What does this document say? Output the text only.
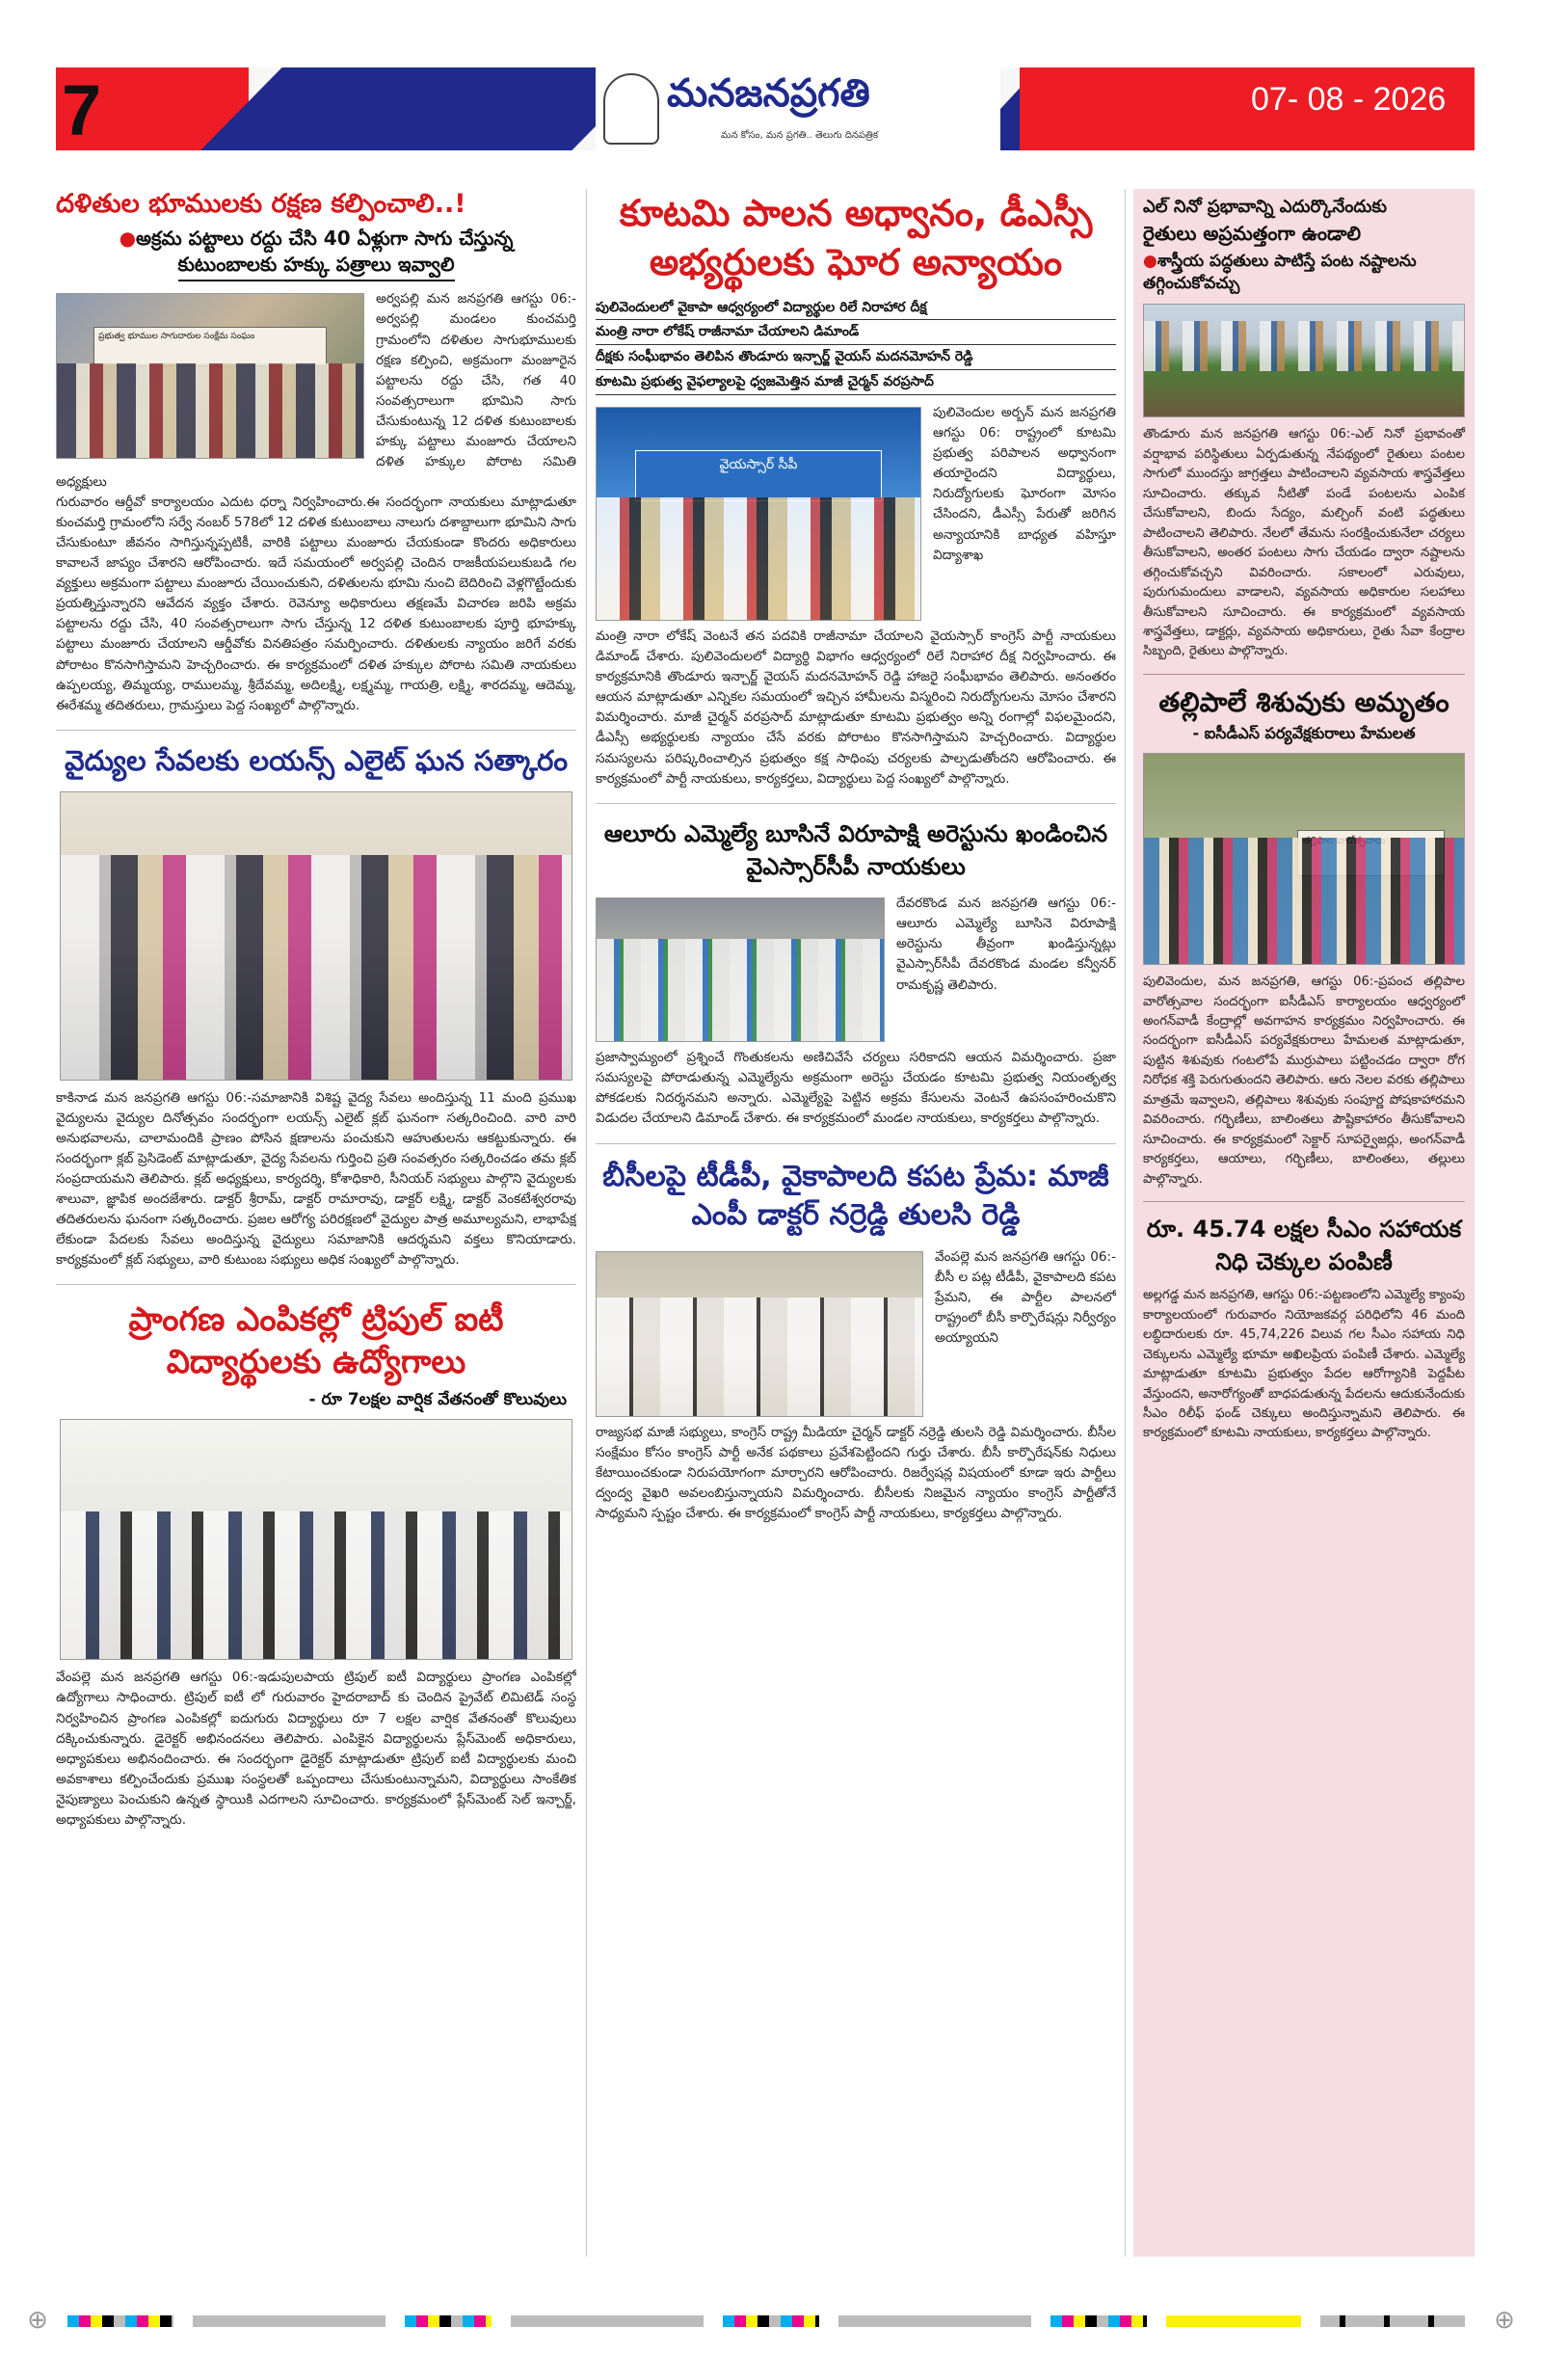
7	మనజనప్రగతి
మన కోసం, మన ప్రగతి.. తెలుగు దినపత్రిక
07- 08 - 2026
దళితుల భూములకు రక్షణ కల్పించాలి..!
●అక్రమ పట్టాలు రద్దు చేసి 40 ఏళ్లుగా సాగు చేస్తున్న
కుటుంబాలకు హక్కు పత్రాలు ఇవ్వాలి
ప్రభుత్వ భూముల సాగుదారుల సంక్షేమ సంఘం

అర్వపల్లి మన జనప్రగతి ఆగస్టు 06:-అర్వపల్లి మండలం కుంచమర్తి గ్రామంలోని దళితుల సాగుభూములకు రక్షణ కల్పించి, అక్రమంగా మంజూరైన పట్టాలను రద్దు చేసి, గత 40 సంవత్సరాలుగా భూమిని సాగు చేసుకుంటున్న 12 దళిత కుటుంబాలకు హక్కు పట్టాలు మంజూరు చేయాలని దళిత హక్కుల పోరాట సమితి అధ్యక్షులు

గురువారం ఆర్డీవో కార్యాలయం ఎదుట ధర్నా నిర్వహించారు.ఈ సందర్భంగా నాయకులు మాట్లాడుతూ కుంచమర్తి గ్రామంలోని సర్వే నంబర్ 578లో 12 దళిత కుటుంబాలు నాలుగు దశాబ్దాలుగా భూమిని సాగు చేసుకుంటూ జీవనం సాగిస్తున్నప్పటికీ, వారికి పట్టాలు మంజూరు చేయకుండా కొందరు అధికారులు కావాలనే జాప్యం చేశారని ఆరోపించారు. ఇదే సమయంలో అర్వపల్లి చెందిన రాజకీయపలుకుబడి గల వ్యక్తులు అక్రమంగా పట్టాలు మంజూరు చేయించుకుని, దళితులను భూమి నుంచి బెదిరించి వెళ్లగొట్టేందుకు ప్రయత్నిస్తున్నారని ఆవేదన వ్యక్తం చేశారు. రెవెన్యూ అధికారులు తక్షణమే విచారణ జరిపి అక్రమ పట్టాలను రద్దు చేసి, 40 సంవత్సరాలుగా సాగు చేస్తున్న 12 దళిత కుటుంబాలకు పూర్తి భూహక్కు పట్టాలు మంజూరు చేయాలని ఆర్డీవోకు వినతిపత్రం సమర్పించారు. దళితులకు న్యాయం జరిగే వరకు పోరాటం కొనసాగిస్తామని హెచ్చరించారు. ఈ కార్యక్రమంలో దళిత హక్కుల పోరాట సమితి నాయకులు ఉప్పలయ్య, తిమ్మయ్య, రాములమ్మ, శ్రీదేవమ్మ, అదిలక్ష్మి, లక్ష్మమ్మ, గాయత్రి, లక్ష్మి, శారదమ్మ, ఆదెమ్మ, ఈరేశమ్మ తదితరులు, గ్రామస్తులు పెద్ద సంఖ్యలో పాల్గొన్నారు.

వైద్యుల సేవలకు లయన్స్ ఎలైట్ ఘన సత్కారం

కాకినాడ మన జనప్రగతి ఆగస్టు 06:-సమాజానికి విశిష్ట వైద్య సేవలు అందిస్తున్న 11 మంది ప్రముఖ వైద్యులను వైద్యుల దినోత్సవం సందర్భంగా లయన్స్ ఎలైట్ క్లబ్ ఘనంగా సత్కరించింది. వారి వారి అనుభవాలను, చాలామందికి ప్రాణం పోసిన క్షణాలను పంచుకుని ఆహుతులను ఆకట్టుకున్నారు. ఈ సందర్భంగా క్లబ్ ప్రెసిడెంట్ మాట్లాడుతూ, వైద్య సేవలను గుర్తించి ప్రతి సంవత్సరం సత్కరించడం తమ క్లబ్ సంప్రదాయమని తెలిపారు. క్లబ్ అధ్యక్షులు, కార్యదర్శి, కోశాధికారి, సీనియర్ సభ్యులు పాల్గొని వైద్యులకు శాలువా, జ్ఞాపిక అందజేశారు. డాక్టర్ శ్రీరామ్, డాక్టర్ రామారావు, డాక్టర్ లక్ష్మి, డాక్టర్ వెంకటేశ్వరరావు తదితరులను ఘనంగా సత్కరించారు. ప్రజల ఆరోగ్య పరిరక్షణలో వైద్యుల పాత్ర అమూల్యమని, లాభాపేక్ష లేకుండా పేదలకు సేవలు అందిస్తున్న వైద్యులు సమాజానికి ఆదర్శమని వక్తలు కొనియాడారు. కార్యక్రమంలో క్లబ్ సభ్యులు, వారి కుటుంబ సభ్యులు అధిక సంఖ్యలో పాల్గొన్నారు.

ప్రాంగణ ఎంపికల్లో ట్రిపుల్ ఐటీ విద్యార్థులకు ఉద్యోగాలు
- రూ 7లక్షల వార్షిక వేతనంతో కొలువులు

వేంపల్లె మన జనప్రగతి ఆగస్టు 06:-ఇడుపులపాయ ట్రిపుల్ ఐటీ విద్యార్థులు ప్రాంగణ ఎంపికల్లో ఉద్యోగాలు సాధించారు. ట్రిపుల్ ఐటీ లో గురువారం హైదరాబాద్ కు చెందిన ప్రైవేట్ లిమిటెడ్ సంస్థ నిర్వహించిన ప్రాంగణ ఎంపికల్లో ఐదుగురు విద్యార్థులు రూ 7 లక్షల వార్షిక వేతనంతో కొలువులు దక్కించుకున్నారు. డైరెక్టర్ అభినందనలు తెలిపారు. ఎంపికైన విద్యార్థులను ప్లేస్‌మెంట్ అధికారులు, అధ్యాపకులు అభినందించారు. ఈ సందర్భంగా డైరెక్టర్ మాట్లాడుతూ ట్రిపుల్ ఐటీ విద్యార్థులకు మంచి అవకాశాలు కల్పించేందుకు ప్రముఖ సంస్థలతో ఒప్పందాలు చేసుకుంటున్నామని, విద్యార్థులు సాంకేతిక నైపుణ్యాలు పెంచుకుని ఉన్నత స్థాయికి ఎదగాలని సూచించారు. కార్యక్రమంలో ప్లేస్‌మెంట్ సెల్ ఇన్చార్జ్, అధ్యాపకులు పాల్గొన్నారు.

కూటమి పాలన అధ్వానం, డీఎస్సీ అభ్యర్థులకు ఘోర అన్యాయం
పులివెందులలో వైకాపా ఆధ్వర్యంలో విద్యార్థుల రిలే నిరాహార దీక్ష
మంత్రి నారా లోకేష్ రాజీనామా చేయాలని డిమాండ్
దీక్షకు సంఘీభావం తెలిపిన తొండూరు ఇన్చార్జ్ వైయస్ మదనమోహన్ రెడ్డి
కూటమి ప్రభుత్వ వైఫల్యాలపై ధ్వజమెత్తిన మాజీ చైర్మన్ వరప్రసాద్
వైయస్సార్ సీపీ

పులివెందుల అర్బన్ మన జనప్రగతి ఆగస్టు 06: రాష్ట్రంలో కూటమి ప్రభుత్వ పరిపాలన అధ్వానంగా తయారైందని విద్యార్థులు, నిరుద్యోగులకు ఘోరంగా మోసం చేసిందని, డీఎస్సీ పేరుతో జరిగిన అన్యాయానికి బాధ్యత వహిస్తూ విద్యాశాఖ

మంత్రి నారా లోకేష్ వెంటనే తన పదవికి రాజీనామా చేయాలని వైయస్సార్ కాంగ్రెస్ పార్టీ నాయకులు డిమాండ్ చేశారు. పులివెందులలో విద్యార్థి విభాగం ఆధ్వర్యంలో రిలే నిరాహార దీక్ష నిర్వహించారు. ఈ కార్యక్రమానికి తొండూరు ఇన్చార్జ్ వైయస్ మదనమోహన్ రెడ్డి హాజరై సంఘీభావం తెలిపారు. అనంతరం ఆయన మాట్లాడుతూ ఎన్నికల సమయంలో ఇచ్చిన హామీలను విస్మరించి నిరుద్యోగులను మోసం చేశారని విమర్శించారు. మాజీ చైర్మన్ వరప్రసాద్ మాట్లాడుతూ కూటమి ప్రభుత్వం అన్ని రంగాల్లో విఫలమైందని, డీఎస్సీ అభ్యర్థులకు న్యాయం చేసే వరకు పోరాటం కొనసాగిస్తామని హెచ్చరించారు. విద్యార్థుల సమస్యలను పరిష్కరించాల్సిన ప్రభుత్వం కక్ష సాధింపు చర్యలకు పాల్పడుతోందని ఆరోపించారు. ఈ కార్యక్రమంలో పార్టీ నాయకులు, కార్యకర్తలు, విద్యార్థులు పెద్ద సంఖ్యలో పాల్గొన్నారు.

ఆలూరు ఎమ్మెల్యే బూసినే విరూపాక్షి అరెస్టును ఖండించిన వైఎస్సార్‌సీపీ నాయకులు

దేవరకొండ మన జనప్రగతి ఆగస్టు 06:-ఆలూరు ఎమ్మెల్యే బూసినె విరూపాక్షి అరెస్టును తీవ్రంగా ఖండిస్తున్నట్లు వైఎస్సార్‌సీపీ దేవరకొండ మండల కన్వీనర్ రామకృష్ణ తెలిపారు.

ప్రజాస్వామ్యంలో ప్రశ్నించే గొంతుకలను అణిచివేసే చర్యలు సరికాదని ఆయన విమర్శించారు. ప్రజా సమస్యలపై పోరాడుతున్న ఎమ్మెల్యేను అక్రమంగా అరెస్టు చేయడం కూటమి ప్రభుత్వ నియంతృత్వ పోకడలకు నిదర్శనమని అన్నారు. ఎమ్మెల్యేపై పెట్టిన అక్రమ కేసులను వెంటనే ఉపసంహరించుకొని విడుదల చేయాలని డిమాండ్ చేశారు. ఈ కార్యక్రమంలో మండల నాయకులు, కార్యకర్తలు పాల్గొన్నారు.

బీసీలపై టీడీపీ, వైకాపాలది కపట ప్రేమ: మాజీ ఎంపీ డాక్టర్ నర్రెడ్డి తులసి రెడ్డి

వేంపల్లె మన జనప్రగతి ఆగస్టు 06:-బీసీ ల పట్ల టీడీపీ, వైకాపాలది కపట ప్రేమని, ఈ పార్టీల పాలనలో రాష్ట్రంలో బీసీ కార్పొరేషన్లు నిర్వీర్యం అయ్యాయని

రాజ్యసభ మాజీ సభ్యులు, కాంగ్రెస్ రాష్ట్ర మీడియా చైర్మన్ డాక్టర్ నర్రెడ్డి తులసి రెడ్డి విమర్శించారు. బీసీల సంక్షేమం కోసం కాంగ్రెస్ పార్టీ అనేక పథకాలు ప్రవేశపెట్టిందని గుర్తు చేశారు. బీసీ కార్పొరేషన్‌కు నిధులు కేటాయించకుండా నిరుపయోగంగా మార్చారని ఆరోపించారు. రిజర్వేషన్ల విషయంలో కూడా ఇరు పార్టీలు ద్వంద్వ వైఖరి అవలంబిస్తున్నాయని విమర్శించారు. బీసీలకు నిజమైన న్యాయం కాంగ్రెస్ పార్టీతోనే సాధ్యమని స్పష్టం చేశారు. ఈ కార్యక్రమంలో కాంగ్రెస్ పార్టీ నాయకులు, కార్యకర్తలు పాల్గొన్నారు.

ఎల్ నినో ప్రభావాన్ని ఎదుర్కొనేందుకు
రైతులు అప్రమత్తంగా ఉండాలి
●శాస్త్రీయ పద్ధతులు పాటిస్తే పంట నష్టాలను తగ్గించుకోవచ్చు

తొండూరు మన జనప్రగతి ఆగస్టు 06:-ఎల్ నినో ప్రభావంతో వర్షాభావ పరిస్థితులు ఏర్పడుతున్న నేపథ్యంలో రైతులు పంటల సాగులో ముందస్తు జాగ్రత్తలు పాటించాలని వ్యవసాయ శాస్త్రవేత్తలు సూచించారు. తక్కువ నీటితో పండే పంటలను ఎంపిక చేసుకోవాలని, బిందు సేద్యం, మల్చింగ్ వంటి పద్ధతులు పాటించాలని తెలిపారు. నేలలో తేమను సంరక్షించుకునేలా చర్యలు తీసుకోవాలని, అంతర పంటలు సాగు చేయడం ద్వారా నష్టాలను తగ్గించుకోవచ్చని వివరించారు. సకాలంలో ఎరువులు, పురుగుమందులు వాడాలని, వ్యవసాయ అధికారుల సలహాలు తీసుకోవాలని సూచించారు. ఈ కార్యక్రమంలో వ్యవసాయ శాస్త్రవేత్తలు, డాక్టర్లు, వ్యవసాయ అధికారులు, రైతు సేవా కేంద్రాల సిబ్బంది, రైతులు పాల్గొన్నారు.

తల్లిపాలే శిశువుకు అమృతం
- ఐసీడీఎస్ పర్యవేక్షకురాలు హేమలత

పులివెందుల, మన జనప్రగతి, ఆగస్టు 06:-ప్రపంచ తల్లిపాల వారోత్సవాల సందర్భంగా ఐసీడీఎస్ కార్యాలయం ఆధ్వర్యంలో అంగన్‌వాడీ కేంద్రాల్లో అవగాహన కార్యక్రమం నిర్వహించారు. ఈ సందర్భంగా ఐసీడీఎస్ పర్యవేక్షకురాలు హేమలత మాట్లాడుతూ, పుట్టిన శిశువుకు గంటలోపే ముర్రుపాలు పట్టించడం ద్వారా రోగ నిరోధక శక్తి పెరుగుతుందని తెలిపారు. ఆరు నెలల వరకు తల్లిపాలు మాత్రమే ఇవ్వాలని, తల్లిపాలు శిశువుకు సంపూర్ణ పోషకాహారమని వివరించారు. గర్భిణీలు, బాలింతలు పౌష్టికాహారం తీసుకోవాలని సూచించారు. ఈ కార్యక్రమంలో సెక్టార్ సూపర్వైజర్లు, అంగన్‌వాడీ కార్యకర్తలు, ఆయాలు, గర్భిణీలు, బాలింతలు, తల్లులు పాల్గొన్నారు.

రూ. 45.74 లక్షల సీఎం సహాయక నిధి చెక్కుల పంపిణీ

అల్లగడ్డ మన జనప్రగతి, ఆగస్టు 06:-పట్టణంలోని ఎమ్మెల్యే క్యాంపు కార్యాలయంలో గురువారం నియోజకవర్గ పరిధిలోని 46 మంది లబ్ధిదారులకు రూ. 45,74,226 విలువ గల సీఎం సహాయ నిధి చెక్కులను ఎమ్మెల్యే భూమా అఖిలప్రియ పంపిణీ చేశారు. ఎమ్మెల్యే మాట్లాడుతూ కూటమి ప్రభుత్వం పేదల ఆరోగ్యానికి పెద్దపీట వేస్తుందని, అనారోగ్యంతో బాధపడుతున్న పేదలను ఆదుకునేందుకు సీఎం రిలీఫ్ ఫండ్ చెక్కులు అందిస్తున్నామని తెలిపారు. ఈ కార్యక్రమంలో కూటమి నాయకులు, కార్యకర్తలు పాల్గొన్నారు.

⊕	⊕
